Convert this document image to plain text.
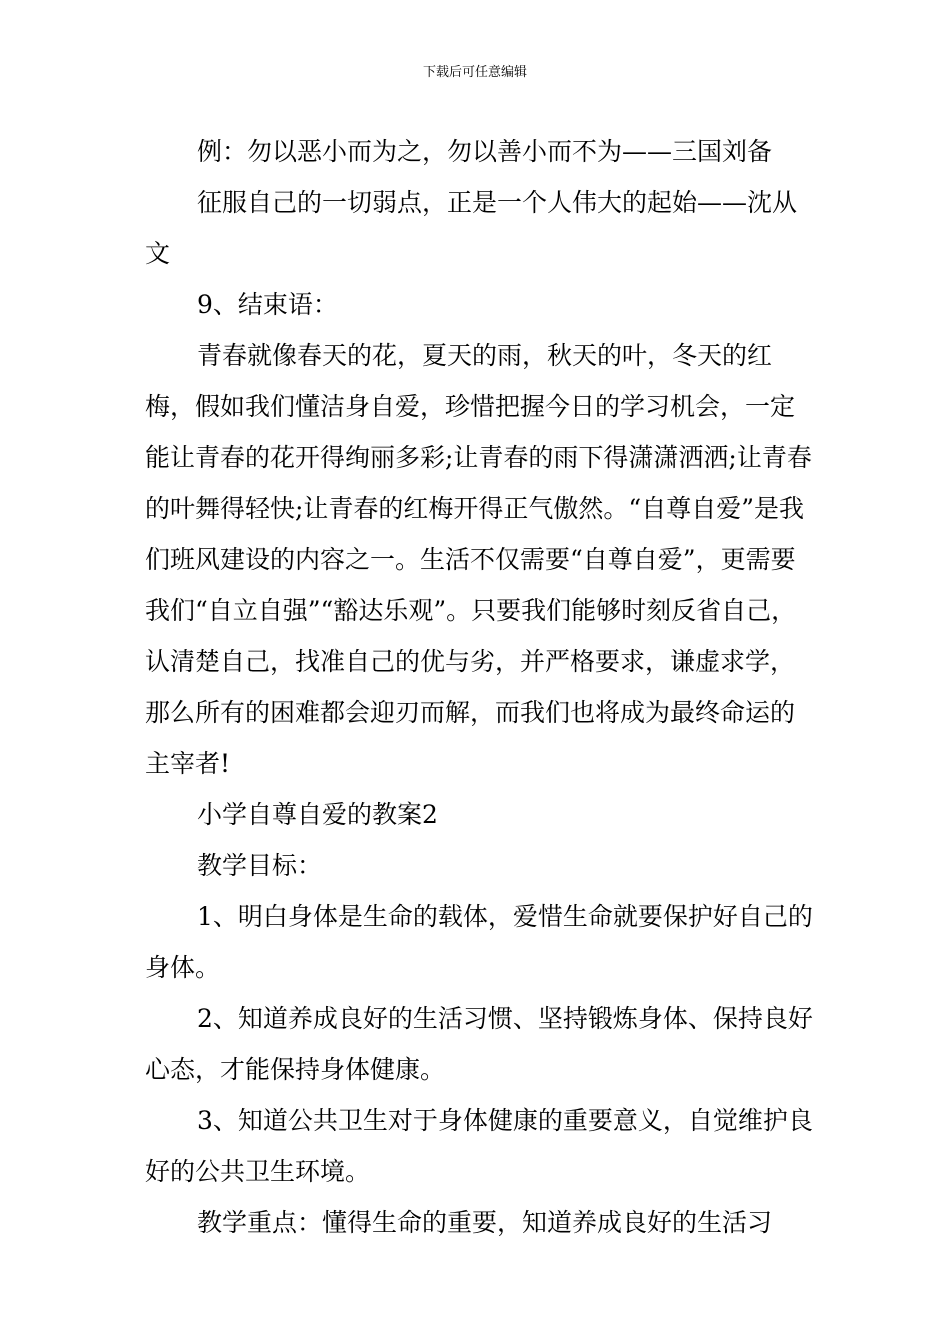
下载后可任意编辑

例：勿以恶小而为之，勿以善小而不为——三国刘备

征服自己的一切弱点，正是一个人伟大的起始——沈从文

9、结束语：

青春就像春天的花，夏天的雨，秋天的叶，冬天的红梅，假如我们懂洁身自爱，珍惜把握今日的学习机会，一定能让青春的花开得绚丽多彩;让青春的雨下得潇潇洒洒;让青春的叶舞得轻快;让青春的红梅开得正气傲然。“自尊自爱”是我们班风建设的内容之一。生活不仅需要“自尊自爱”，更需要我们“自立自强”“豁达乐观”。只要我们能够时刻反省自己，认清楚自己，找准自己的优与劣，并严格要求，谦虚求学，那么所有的困难都会迎刃而解，而我们也将成为最终命运的主宰者!

小学自尊自爱的教案2

教学目标：

1、明白身体是生命的载体，爱惜生命就要保护好自己的身体。

2、知道养成良好的生活习惯、坚持锻炼身体、保持良好心态，才能保持身体健康。

3、知道公共卫生对于身体健康的重要意义，自觉维护良好的公共卫生环境。

教学重点：懂得生命的重要，知道养成良好的生活习
